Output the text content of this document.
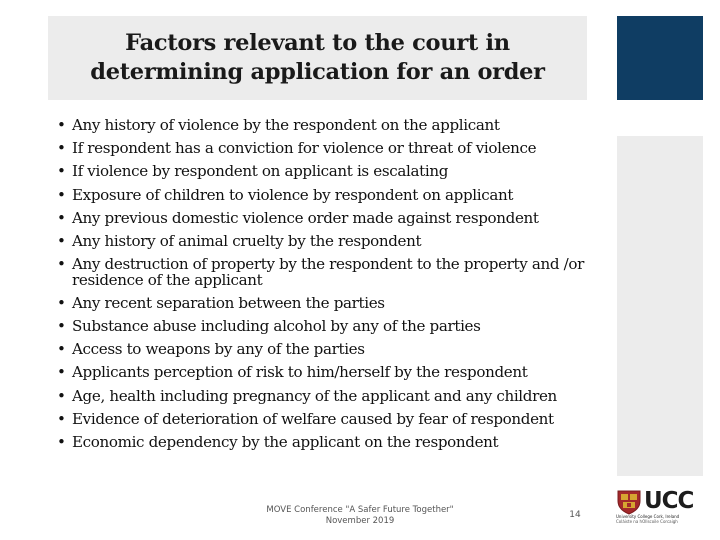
Factors relevant to the court in
determining application for an order
• Any history of violence by the respondent on the applicant
• If respondent has a conviction for violence or threat of violence
• If violence by respondent on applicant is escalating
• Exposure of children to violence by respondent on applicant
• Any previous domestic violence order made against respondent
• Any history of animal cruelty by the respondent
• Any destruction of property by the respondent to the property and /or residence of the applicant
• Any recent separation between the parties
• Substance abuse including alcohol by any of the parties
• Access to weapons by any of the parties
• Applicants perception of risk to him/herself by the respondent
• Age, health including pregnancy of the applicant and any children
• Evidence of deterioration of welfare caused by fear of respondent
• Economic dependency by the applicant on the respondent
MOVE Conference "A Safer Future Together"
November 2019
14
UCC
University College Cork, Ireland
Coláiste na hOllscoile Corcaigh
